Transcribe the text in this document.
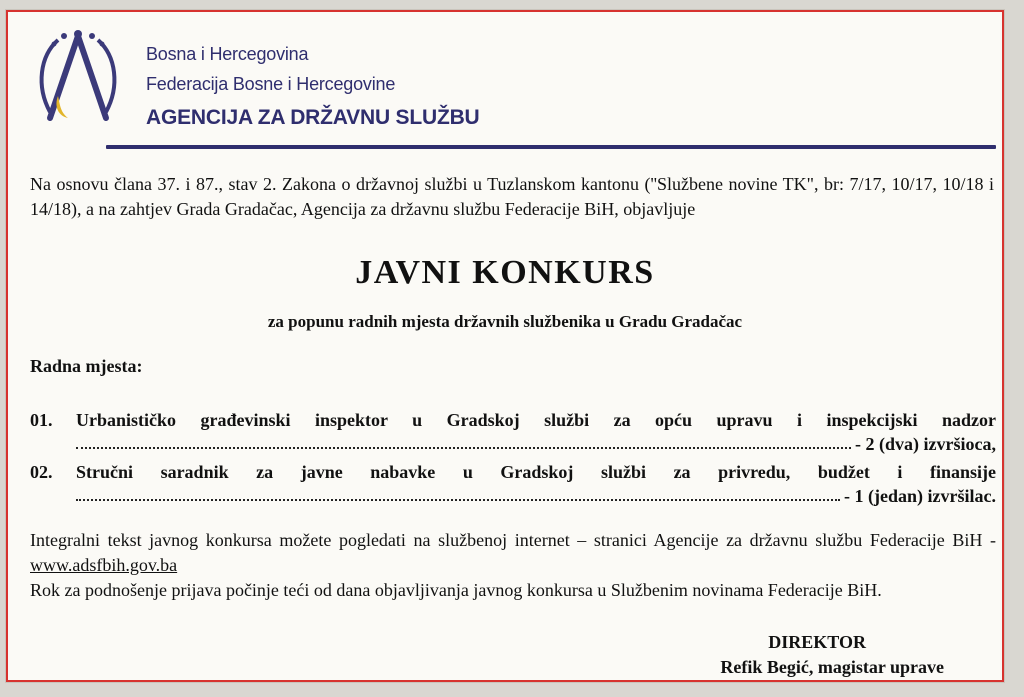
Bosna i Hercegovina
Federacija Bosne i Hercegovine
AGENCIJA ZA DRŽAVNU SLUŽBU
Na osnovu člana 37. i 87., stav 2. Zakona o državnoj službi u Tuzlanskom kantonu (''Službene novine TK", br: 7/17, 10/17, 10/18 i 14/18), a na zahtjev Grada Gradačac, Agencija za državnu službu Federacije BiH, objavljuje
JAVNI KONKURS
za popunu radnih mjesta državnih službenika u Gradu Gradačac
Radna mjesta:
01.	Urbanističko građevinski inspektor u Gradskoj službi za opću upravu i inspekcijski nadzor
- 2 (dva) izvršioca,
02.	Stručni saradnik za javne nabavke u Gradskoj službi za privredu, budžet i finansije
- 1 (jedan) izvršilac.
Integralni tekst javnog konkursa možete pogledati na službenoj internet – stranici Agencije za državnu službu Federacije BiH - www.adsfbih.gov.ba
Rok za podnošenje prijava počinje teći od dana objavljivanja javnog konkursa u Službenim novinama Federacije BiH.
DIREKTOR
Refik Begić, magistar uprave
